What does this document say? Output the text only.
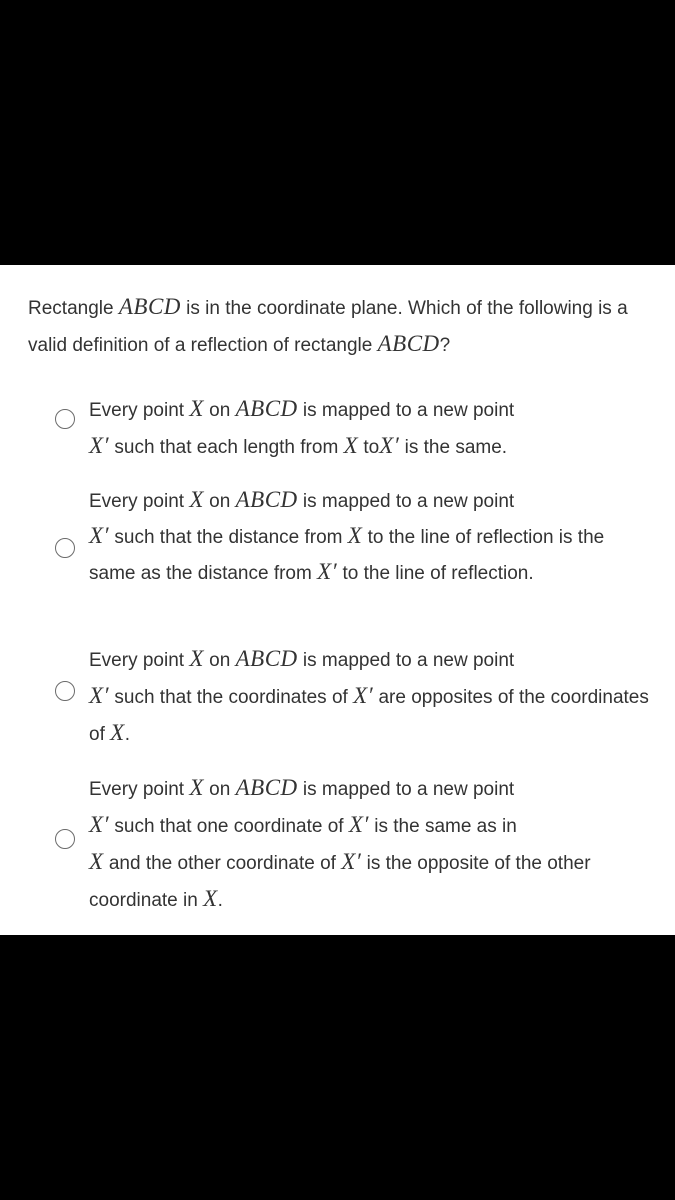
Rectangle ABCD is in the coordinate plane. Which of the following is a valid definition of a reflection of rectangle ABCD?
Every point X on ABCD is mapped to a new point
X′ such that each length from X toX′ is the same.
Every point X on ABCD is mapped to a new point
X′ such that the distance from X to the line of reflection is the same as the distance from X′ to the line of reflection.
Every point X on ABCD is mapped to a new point
X′ such that the coordinates of X′ are opposites of the coordinates of X.
Every point X on ABCD is mapped to a new point
X′ such that one coordinate of X′ is the same as in
X and the other coordinate of X′ is the opposite of the other coordinate in X.
